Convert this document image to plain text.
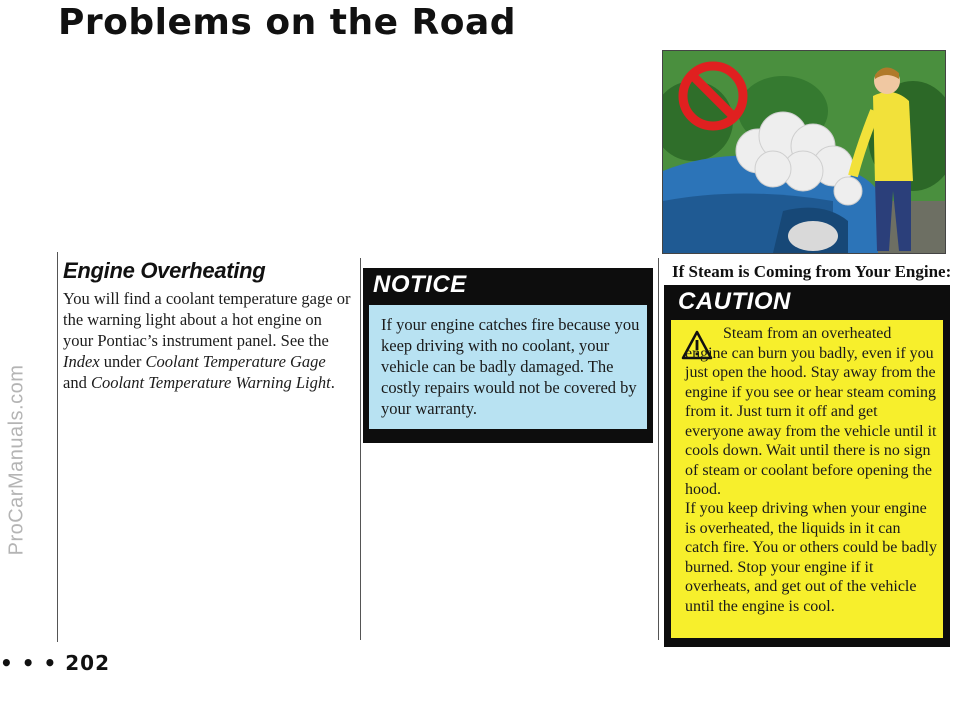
ProCarManuals.com
Problems on the Road
Engine Overheating

You will find a coolant temperature gage or the warning light about a hot engine on your Pontiac’s instrument panel. See the Index under Coolant Temperature Gage and Coolant Temperature Warning Light.

NOTICE
If your engine catches fire because you keep driving with no coolant, your vehicle can be badly damaged. The costly repairs would not be covered by your warranty.
If Steam is Coming from Your Engine:
CAUTION
Steam from an overheated engine can burn you badly, even if you just open the hood. Stay away from the engine if you see or hear steam coming from it. Just turn it off and get everyone away from the vehicle until it cools down. Wait until there is no sign of steam or coolant before opening the hood.
If you keep driving when your engine is overheated, the liquids in it can catch fire. You or others could be badly burned. Stop your engine if it overheats, and get out of the vehicle until the engine is cool.
• • • 202
